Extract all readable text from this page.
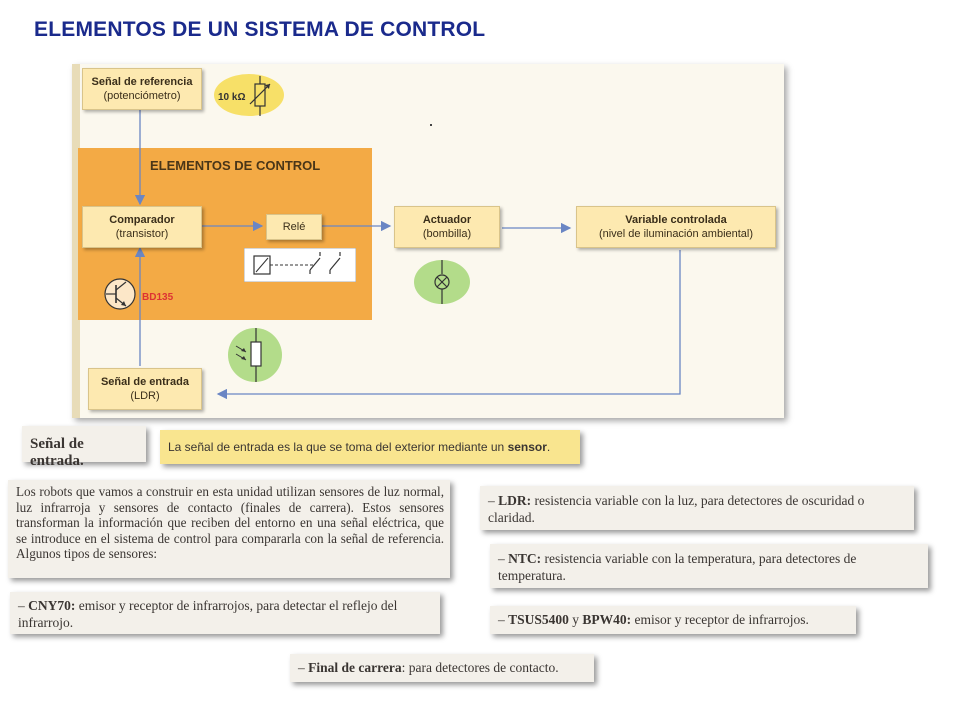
ELEMENTOS DE UN SISTEMA DE CONTROL
ELEMENTOS DE CONTROL
Señal de referencia
(potenciómetro)
Comparador
(transistor)
Relé
Actuador
(bombilla)
Variable controlada
(nivel de iluminación ambiental)
Señal de entrada
(LDR)
10 kΩ
BD135
Señal de entrada.
La señal de entrada es la que se toma del exterior mediante un sensor.
Los robots que vamos a construir en esta unidad utilizan sensores de luz normal, luz infrarroja y sensores de contacto (finales de carrera). Estos sensores transforman la información que reciben del entorno en una señal eléctrica, que se introduce en el sistema de control para compararla con la señal de referencia. Algunos tipos de sensores:
– CNY70: emisor y receptor de infrarrojos, para detectar el reflejo del infrarrojo.
– LDR: resistencia variable con la luz, para detectores de oscuridad o claridad.
– NTC: resistencia variable con la temperatura, para detectores de temperatura.
– TSUS5400 y BPW40: emisor y receptor de infrarrojos.
– Final de carrera: para detectores de contacto.
